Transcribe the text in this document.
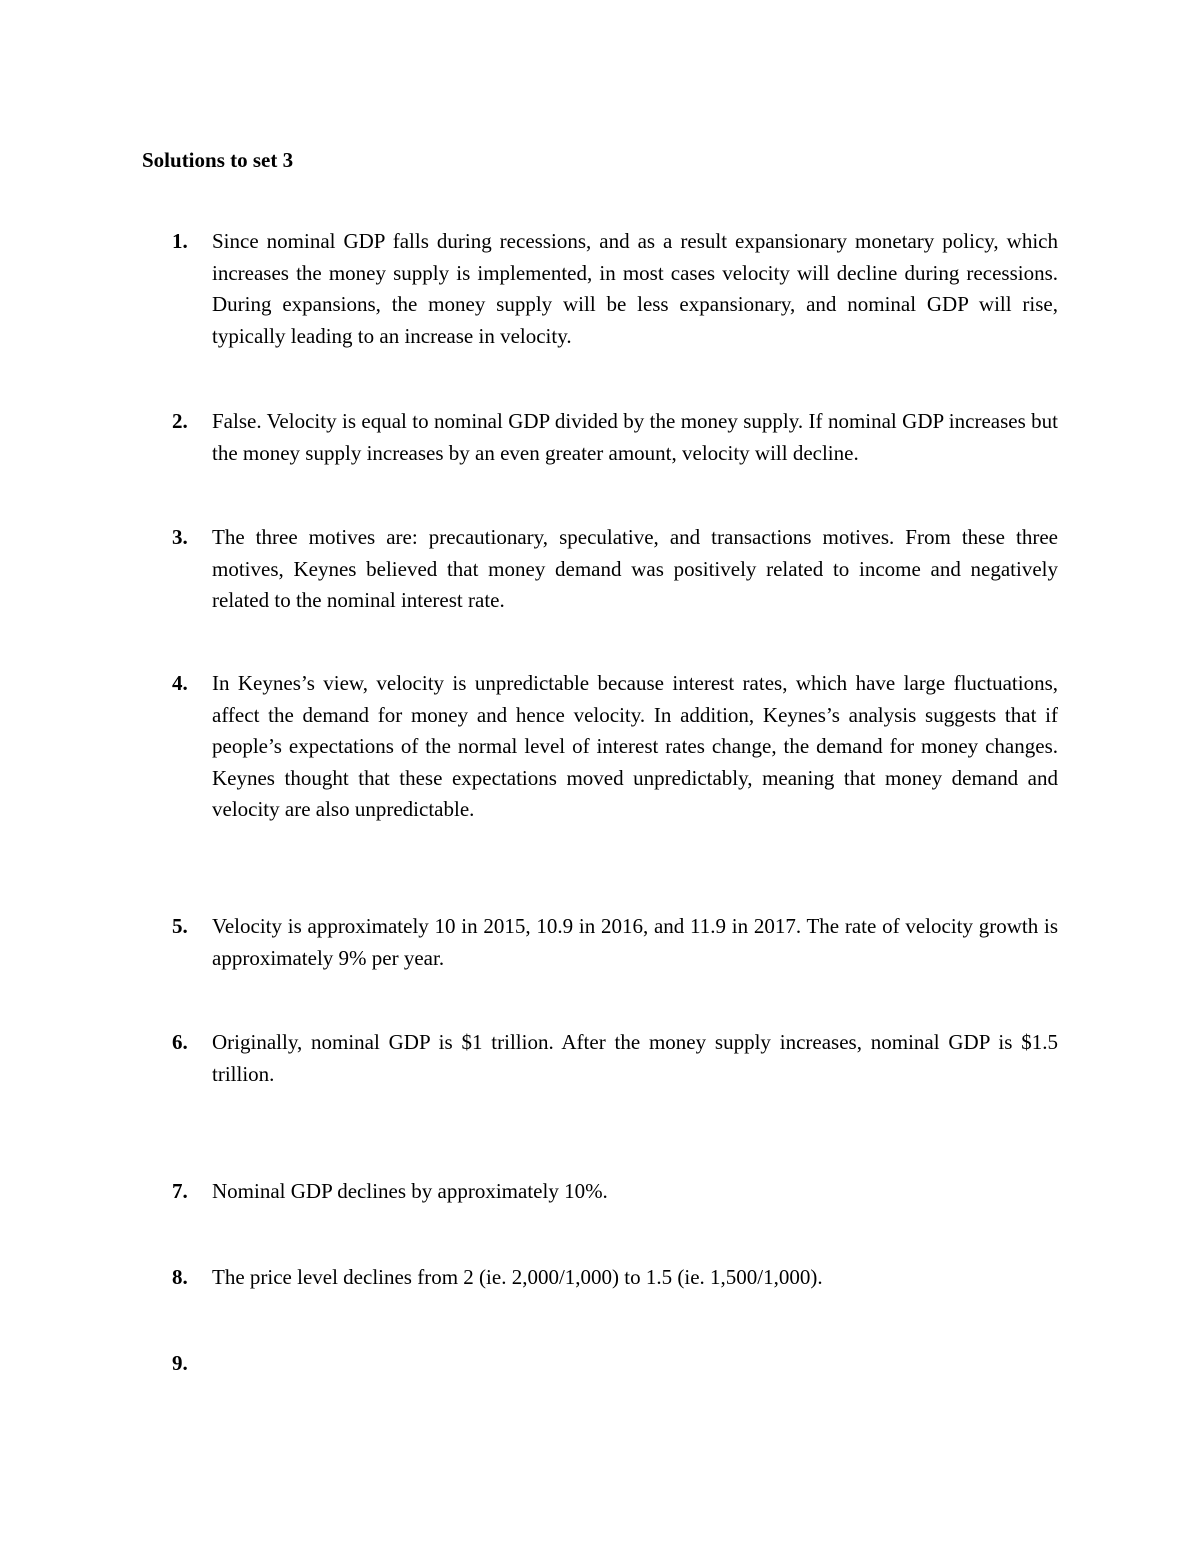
Solutions to set 3
1.	Since nominal GDP falls during recessions, and as a result expansionary monetary policy, which increases the money supply is implemented, in most cases velocity will decline during recessions. During expansions, the money supply will be less expansionary, and nominal GDP will rise, typically leading to an increase in velocity.
2.	False. Velocity is equal to nominal GDP divided by the money supply. If nominal GDP increases but the money supply increases by an even greater amount, velocity will decline.
3.	The three motives are: precautionary, speculative, and transactions motives. From these three motives, Keynes believed that money demand was positively related to income and negatively related to the nominal interest rate.
4.	In Keynes’s view, velocity is unpredictable because interest rates, which have large fluctuations, affect the demand for money and hence velocity. In addition, Keynes’s analysis suggests that if people’s expectations of the normal level of interest rates change, the demand for money changes. Keynes thought that these expectations moved unpredictably, meaning that money demand and velocity are also unpredictable.
5.	Velocity is approximately 10 in 2015, 10.9 in 2016, and 11.9 in 2017. The rate of velocity growth is approximately 9% per year.
6.	Originally, nominal GDP is $1 trillion. After the money supply increases, nominal GDP is $1.5 trillion.
7.	Nominal GDP declines by approximately 10%.
8.	The price level declines from 2 (ie. 2,000/1,000) to 1.5 (ie. 1,500/1,000).
9.
